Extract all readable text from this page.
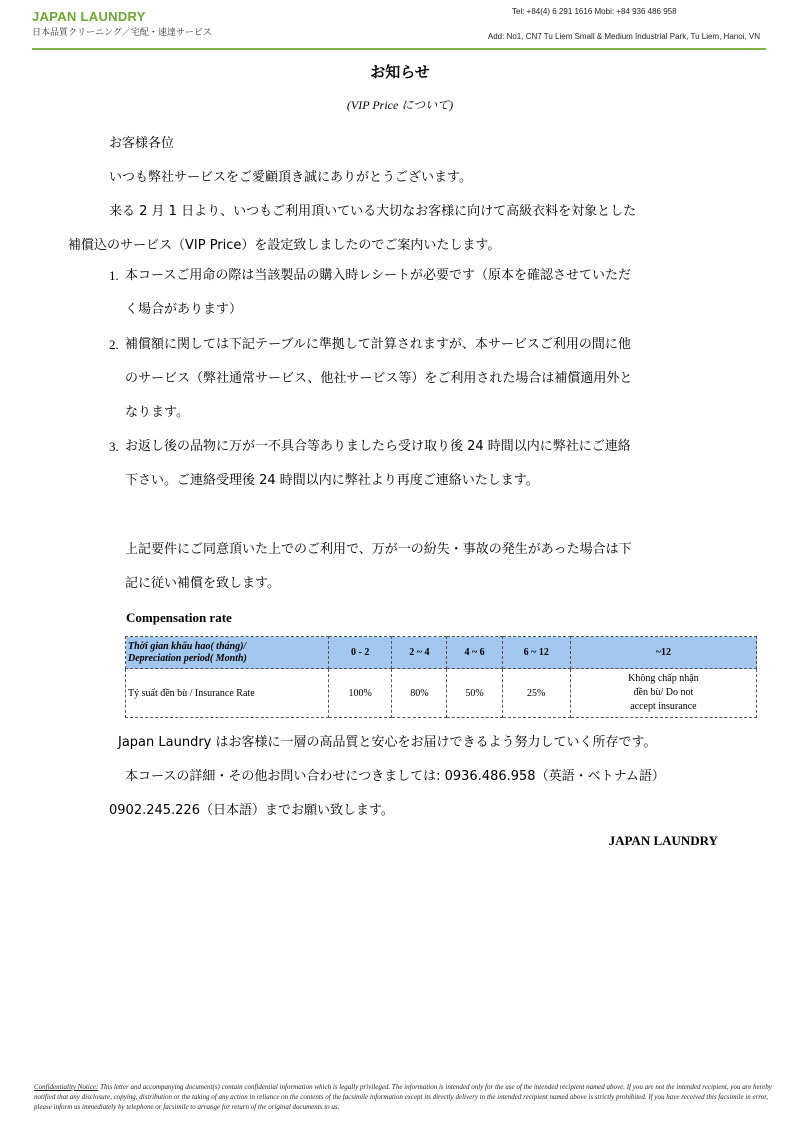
JAPAN LAUNDRY
日本品質クリーニング／宅配・速達サービス
Tel: +84(4) 6 291 1616 Mobi: +84 936 486 958
Add: No1, CN7 Tu Liem Small & Medium Industrial Park, Tu Liem, Hanoi, VN
お知らせ
(VIP Price について)
お客様各位
いつも弊社サービスをご愛顧頂き誠にありがとうございます。
来る 2 月 1 日より、いつもご利用頂いている大切なお客様に向けて高級衣料を対象とした
補償込のサービス（VIP Price）を設定致しましたのでご案内いたします。
1. 本コースご用命の際は当該製品の購入時レシートが必要です（原本を確認させていただ
く場合があります）
2. 補償額に関しては下記テーブルに準拠して計算されますが、本サービスご利用の間に他
のサービス（弊社通常サービス、他社サービス等）をご利用された場合は補償適用外と
なります。
3. お返し後の品物に万が一不具合等ありましたら受け取り後 24 時間以内に弊社にご連絡
下さい。ご連絡受理後 24 時間以内に弊社より再度ご連絡いたします。
上記要件にご同意頂いた上でのご利用で、万が一の紛失・事故の発生があった場合は下
記に従い補償を致します。
Compensation rate
Thời gian khấu hao( tháng)/
Depreciation period( Month)	0 - 2	2 ~ 4	4 ~ 6	6 ~ 12	~12
Tỷ suất đền bù / Insurance Rate	100%	80%	50%	25%	Không chấp nhận
đền bù/ Do not
accept insurance
Japan Laundry はお客様に一層の高品質と安心をお届けできるよう努力していく所存です。
本コースの詳細・その他お問い合わせにつきましては: 0936.486.958（英語・ベトナム語）
0902.245.226（日本語）までお願い致します。
JAPAN LAUNDRY
Confidentiality Notice: This letter and accompanying document(s) contain confidential information which is legally privileged. The information is intended only for the use of the intended recipient named above. If you are not the intended recipient, you are hereby notified that any disclosure, copying, distribution or the taking of any action in reliance on the contents of the facsimile information except its directly delivery to the intended recipient named above is strictly prohibited. If you have received this facsimile in error, please inform us immediately by telephone or facsimile to arrange for return of the original documents to us.
